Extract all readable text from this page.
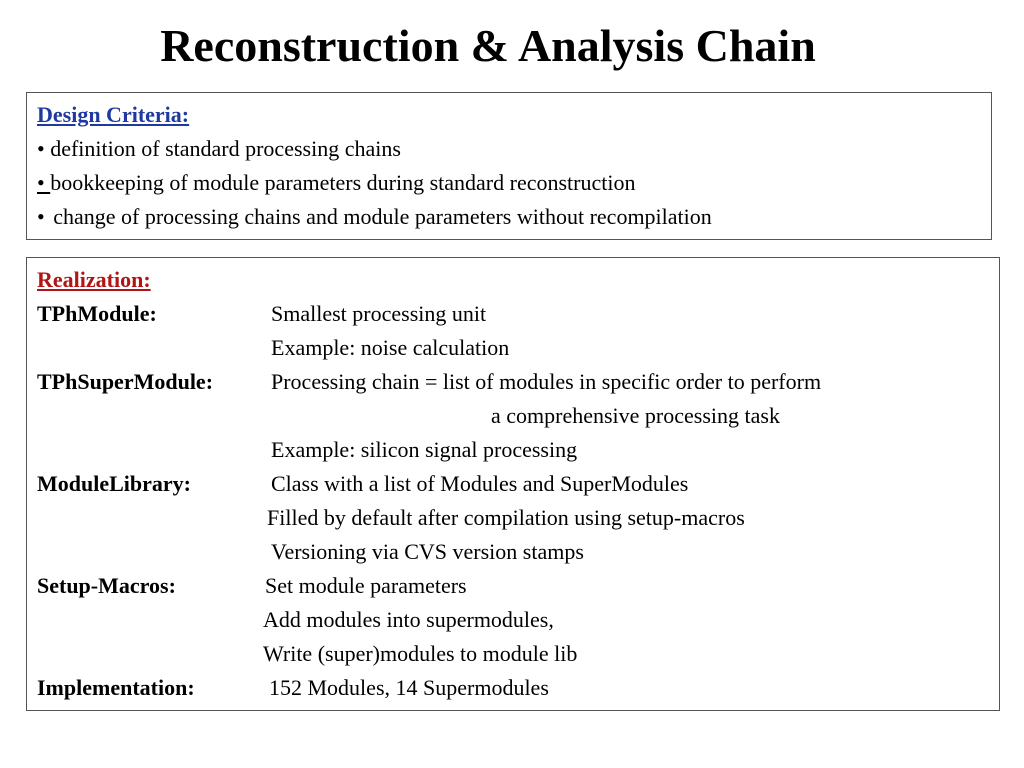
Reconstruction & Analysis Chain
Design Criteria:
• definition of standard processing chains
• bookkeeping of module parameters during standard reconstruction
• change of processing chains and module parameters without recompilation
Realization:
TPhModule:	Smallest processing unit
Example: noise calculation
TPhSuperModule:	Processing chain = list of modules in specific order to perform
a comprehensive processing task
Example: silicon signal processing
ModuleLibrary:	Class with a list of Modules and SuperModules
Filled by default after compilation using setup-macros
Versioning via CVS version stamps
Setup-Macros:	Set module parameters
Add modules into supermodules,
Write (super)modules to module lib
Implementation:	152 Modules, 14 Supermodules
